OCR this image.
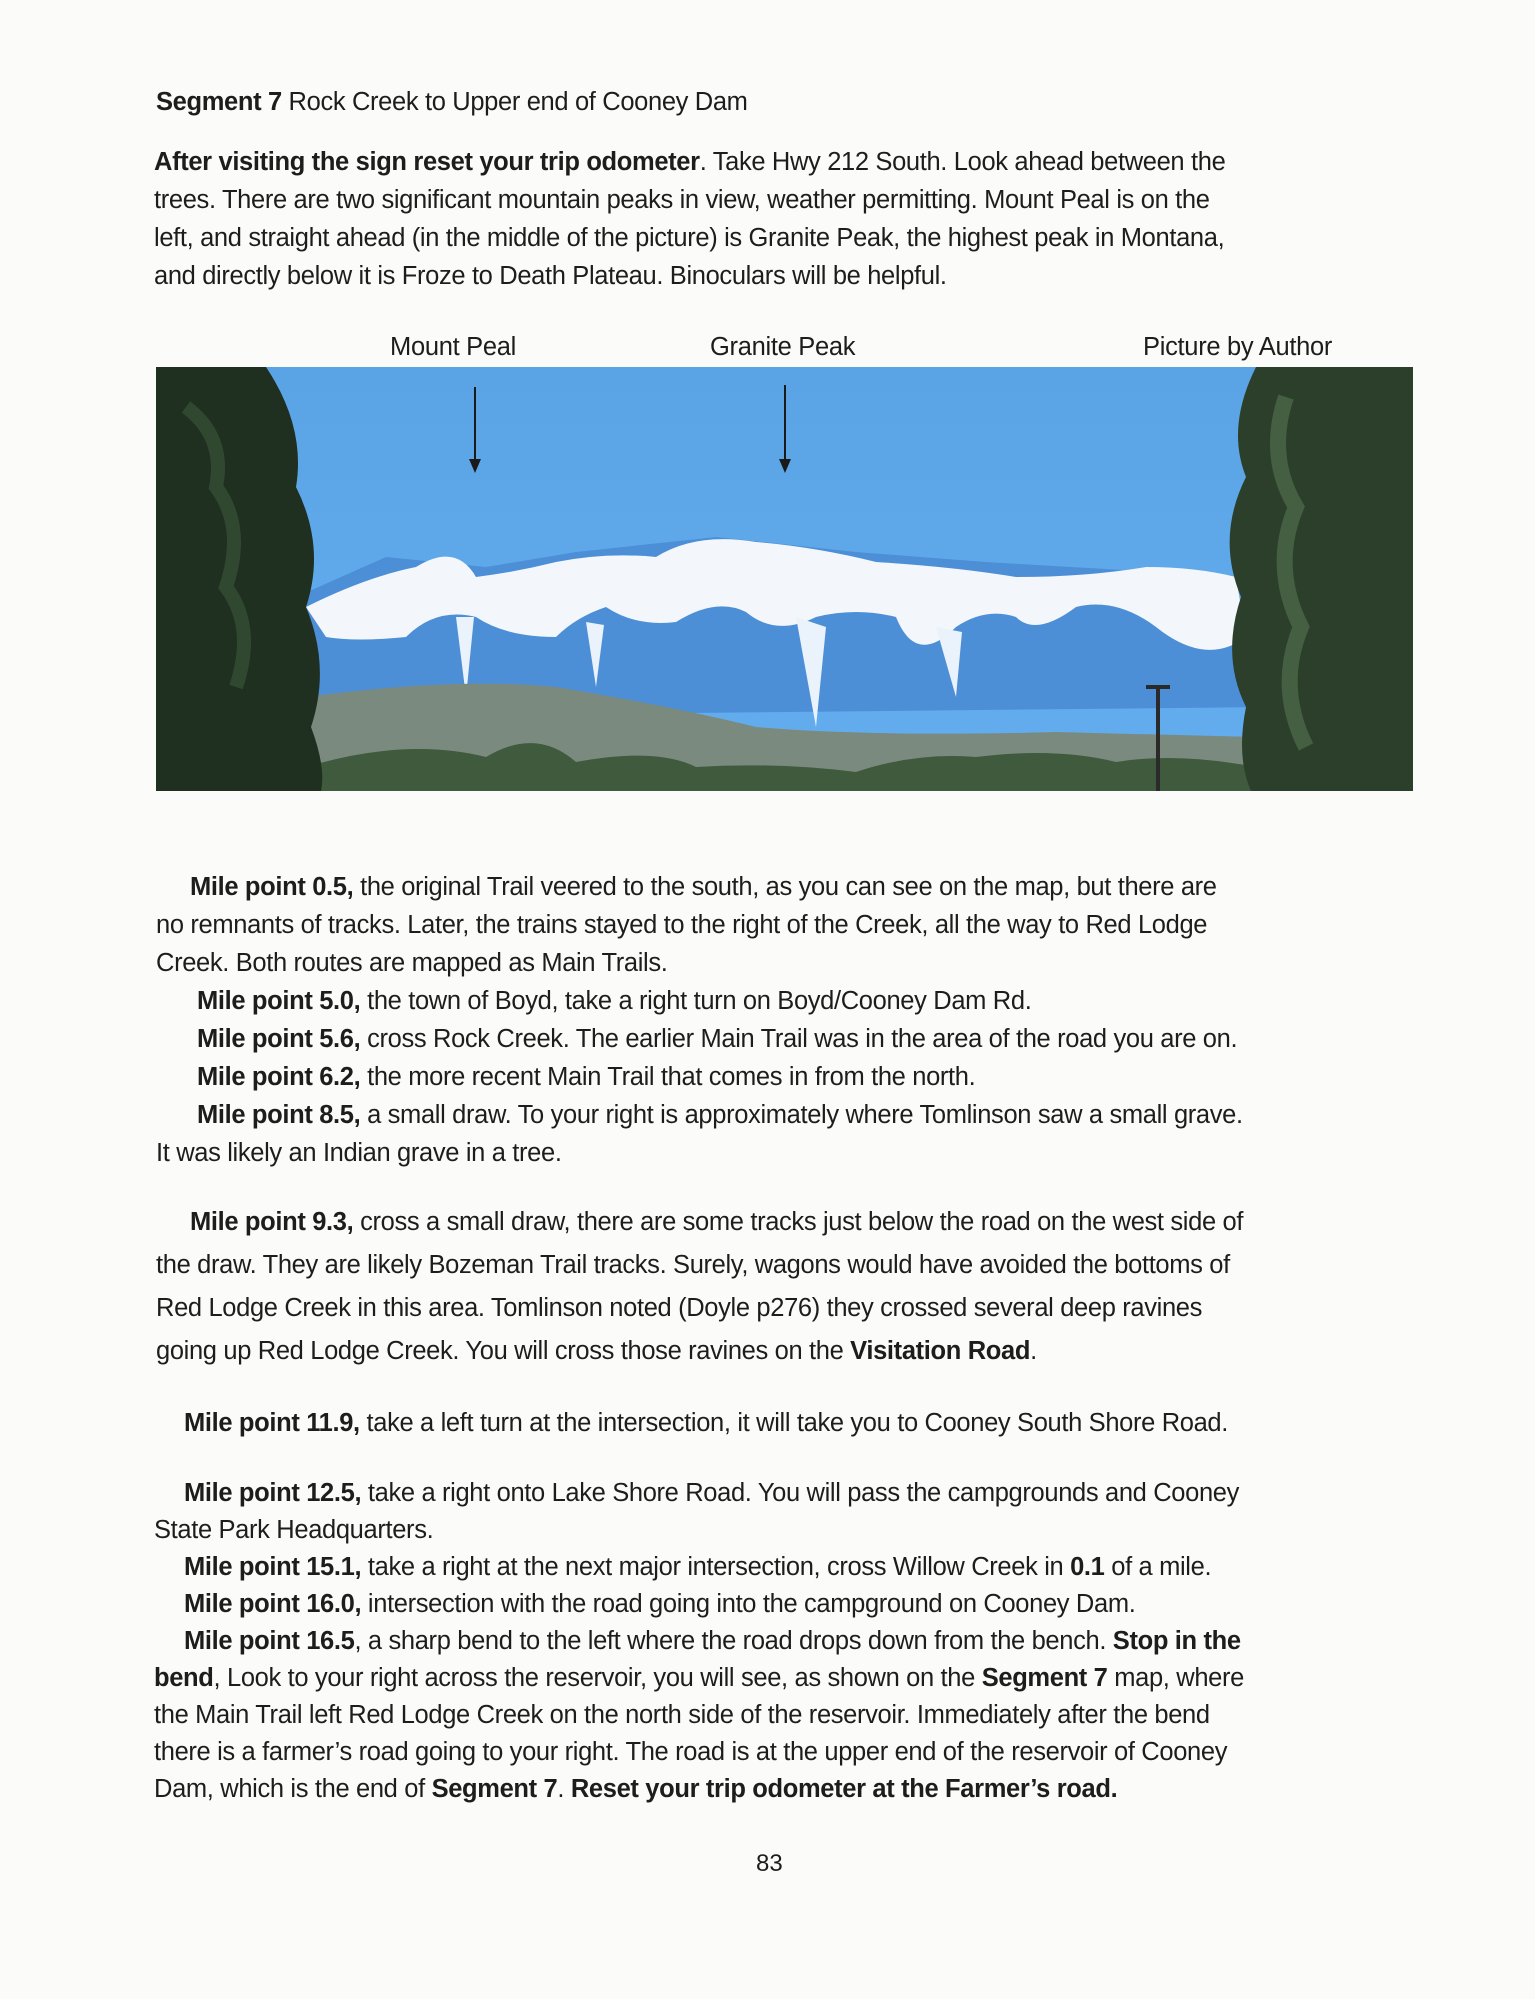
Segment 7 Rock Creek to Upper end of Cooney Dam
After visiting the sign reset your trip odometer. Take Hwy 212 South. Look ahead between the
trees. There are two significant mountain peaks in view, weather permitting. Mount Peal is on the
left, and straight ahead (in the middle of the picture) is Granite Peak, the highest peak in Montana,
and directly below it is Froze to Death Plateau. Binoculars will be helpful.
Mount Peal	Granite Peak	Picture by Author
Mile point 0.5, the original Trail veered to the south, as you can see on the map, but there are
no remnants of tracks. Later, the trains stayed to the right of the Creek, all the way to Red Lodge
Creek. Both routes are mapped as Main Trails.
Mile point 5.0, the town of Boyd, take a right turn on Boyd/Cooney Dam Rd.
Mile point 5.6, cross Rock Creek. The earlier Main Trail was in the area of the road you are on.
Mile point 6.2, the more recent Main Trail that comes in from the north.
Mile point 8.5, a small draw. To your right is approximately where Tomlinson saw a small grave.
It was likely an Indian grave in a tree.
Mile point 9.3, cross a small draw, there are some tracks just below the road on the west side of
the draw. They are likely Bozeman Trail tracks. Surely, wagons would have avoided the bottoms of
Red Lodge Creek in this area. Tomlinson noted (Doyle p276) they crossed several deep ravines
going up Red Lodge Creek. You will cross those ravines on the Visitation Road.
Mile point 11.9, take a left turn at the intersection, it will take you to Cooney South Shore Road.
Mile point 12.5, take a right onto Lake Shore Road. You will pass the campgrounds and Cooney
State Park Headquarters.
Mile point 15.1, take a right at the next major intersection, cross Willow Creek in 0.1 of a mile.
Mile point 16.0, intersection with the road going into the campground on Cooney Dam.
Mile point 16.5, a sharp bend to the left where the road drops down from the bench. Stop in the
bend, Look to your right across the reservoir, you will see, as shown on the Segment 7 map, where
the Main Trail left Red Lodge Creek on the north side of the reservoir. Immediately after the bend
there is a farmer’s road going to your right. The road is at the upper end of the reservoir of Cooney
Dam, which is the end of Segment 7. Reset your trip odometer at the Farmer’s road.
83
